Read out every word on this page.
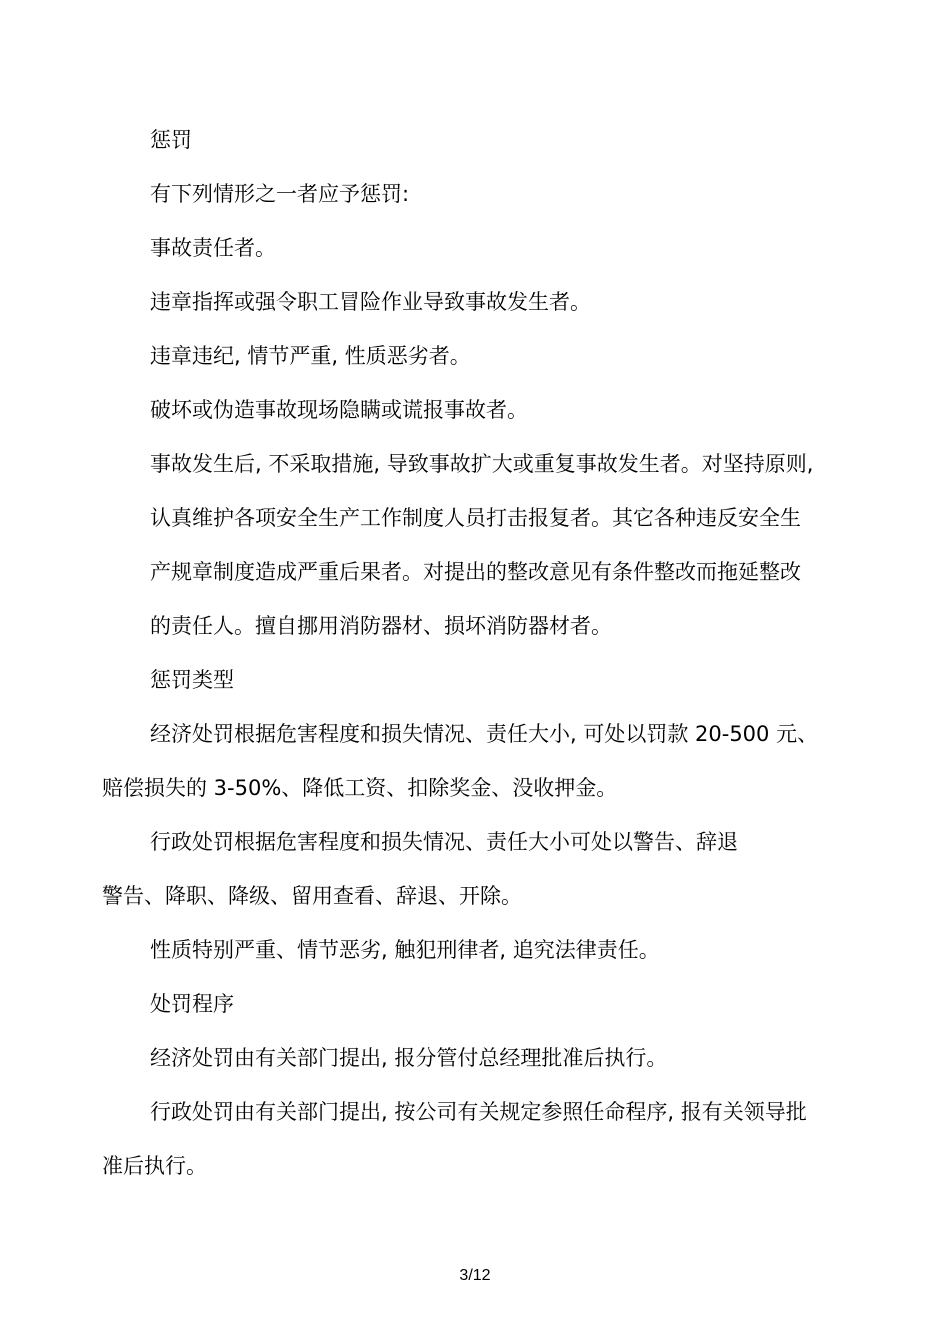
惩罚
有下列情形之一者应予惩罚:
事故责任者。
违章指挥或强令职工冒险作业导致事故发生者。
违章违纪, 情节严重, 性质恶劣者。
破坏或伪造事故现场隐瞒或谎报事故者。
事故发生后, 不采取措施, 导致事故扩大或重复事故发生者。对坚持原则,
认真维护各项安全生产工作制度人员打击报复者。其它各种违反安全生
产规章制度造成严重后果者。对提出的整改意见有条件整改而拖延整改
的责任人。擅自挪用消防器材、损坏消防器材者。
惩罚类型
经济处罚根据危害程度和损失情况、责任大小, 可处以罚款 20-500 元、
赔偿损失的 3-50%、降低工资、扣除奖金、没收押金。
行政处罚根据危害程度和损失情况、责任大小可处以警告、辞退
警告、降职、降级、留用查看、辞退、开除。
性质特别严重、情节恶劣, 触犯刑律者, 追究法律责任。
处罚程序
经济处罚由有关部门提出, 报分管付总经理批准后执行。
行政处罚由有关部门提出, 按公司有关规定参照任命程序, 报有关领导批
准后执行。
3/12
